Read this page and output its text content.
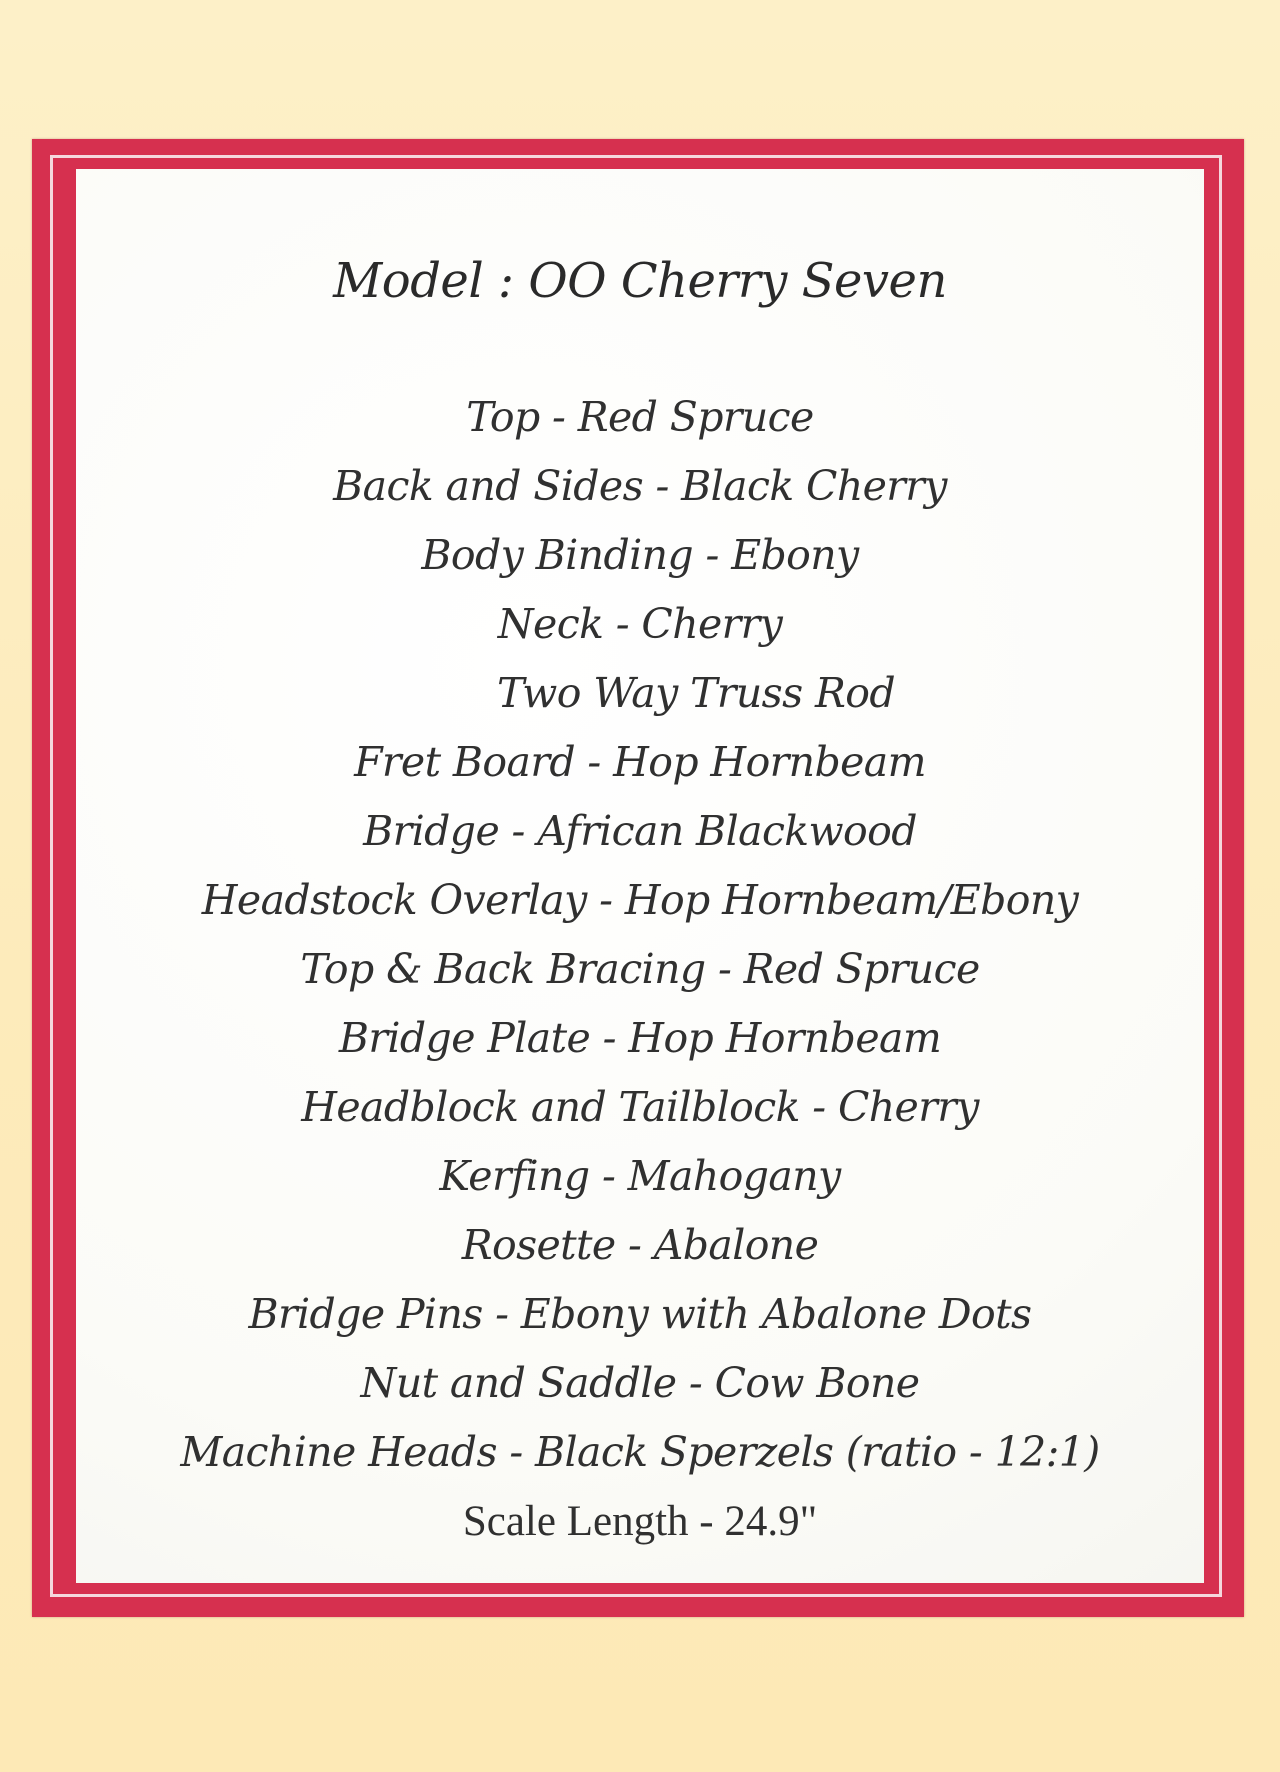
Model : OO Cherry Seven
Top - Red Spruce
Back and Sides - Black Cherry
Body Binding - Ebony
Neck - Cherry
Two Way Truss Rod
Fret Board - Hop Hornbeam
Bridge - African Blackwood
Headstock Overlay - Hop Hornbeam/Ebony
Top & Back Bracing - Red Spruce
Bridge Plate - Hop Hornbeam
Headblock and Tailblock - Cherry
Kerfing - Mahogany
Rosette - Abalone
Bridge Pins - Ebony with Abalone Dots
Nut and Saddle - Cow Bone
Machine Heads - Black Sperzels (ratio - 12:1)
Scale Length - 24.9"
